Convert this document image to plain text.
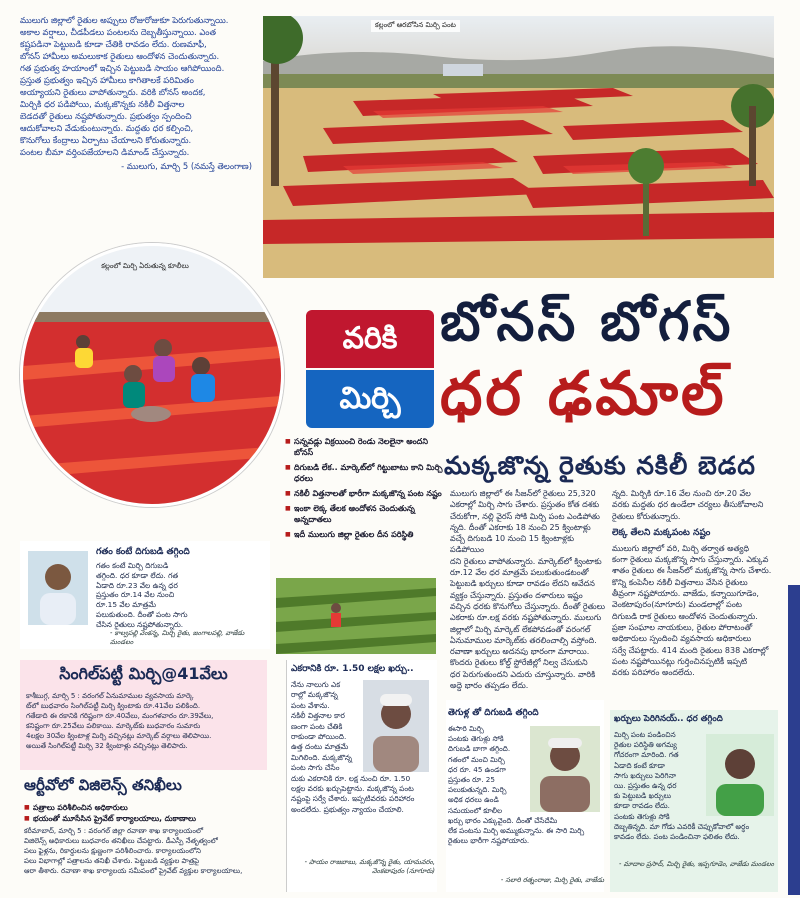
ములుగు జిల్లాలో రైతుల అప్పులు రోజురోజుకూ పెరుగుతున్నాయి.
అకాల వర్షాలు, చీడపీడలు పంటలను దెబ్బతీస్తున్నాయి. ఎంత
కష్టపడినా పెట్టుబడి కూడా చేతికి రావడం లేదు. రుణమాఫీ,
బోనస్ హామీలు అమలుకాక రైతులు ఆందోళన చెందుతున్నారు.
గత ప్రభుత్వ హయాంలో ఇచ్చిన పెట్టుబడి సాయం ఆగిపోయింది.
ప్రస్తుత ప్రభుత్వం ఇచ్చిన హామీలు కాగితాలకే పరిమితం
అయ్యాయని రైతులు వాపోతున్నారు. వరికి బోనస్ అందక,
మిర్చికి ధర పడిపోయి, మక్కజొన్నకు నకిలీ విత్తనాల
బెడదతో రైతులు నష్టపోతున్నారు. ప్రభుత్వం స్పందించి
ఆదుకోవాలని వేడుకుంటున్నారు. మద్దతు ధర కల్పించి,
కొనుగోలు కేంద్రాలు ఏర్పాటు చేయాలని కోరుతున్నారు.
పంటల బీమా వర్తింపజేయాలని డిమాండ్ చేస్తున్నారు.
- ములుగు, మార్చి 5 (నమస్తే తెలంగాణ)
కల్లంలో ఆరబోసిన మిర్చి పంట
కల్లంలో మిర్చి ఏరుతున్న కూలీలు
వరికి
మిర్చి
బోనస్ బోగస్
ధర ఢమాల్
మక్కజొన్న రైతుకు నకిలీ బెడద
■ సన్నవడ్లు విక్రయించి రెండు నెలలైనా అందని బోనస్
■ దిగుబడి లేక.. మార్కెట్‌లో గిట్టుబాటు కాని మిర్చి ధరలు
■ నకిలీ విత్తనాలతో భారీగా మక్కజొన్న పంట నష్టం
■ ఇంకా లెక్క తేలక ఆందోళన చెందుతున్న అన్నదాతలు
■ ఇదీ ములుగు జిల్లా రైతుల దీన పరిస్థితి
ములుగు జిల్లాలో ఈ సీజన్‌లో రైతులు 25,320
ఎకరాల్లో మిర్చి సాగు చేశారు. ప్రస్తుతం కోత దశకు
చేరుకోగా, నల్లి వైరస్ సోకి మిర్చి పంట ఎండిపోతు
న్నది. దీంతో ఎకరాకు 18 నుంచి 25 క్వింటాళ్లు
వచ్చే దిగుబడి 10 నుంచి 15 క్వింటాళ్లకు పడిపోయిం
దని రైతులు వాపోతున్నారు. మార్కెట్‌లో క్వింటాకు
రూ.12 వేల ధర మాత్రమే పలుకుతుండటంతో
పెట్టుబడి ఖర్చులు కూడా రావడం లేదని ఆవేదన
వ్యక్తం చేస్తున్నారు. ప్రస్తుతం దళారులు ఇష్టం
వచ్చిన ధరకు కొనుగోలు చేస్తున్నారు. దీంతో రైతులు
ఎకరాకు రూ.లక్ష వరకు నష్టపోతున్నారు. ములుగు
జిల్లాలో మిర్చి మార్కెట్ లేకపోవడంతో వరంగల్
ఏనుమాముల మార్కెట్‌కు తరలించాల్సి వస్తోంది.
రవాణా ఖర్చులు అదనపు భారంగా మారాయి.
కొందరు రైతులు కోల్డ్ స్టోరేజీల్లో నిల్వ చేసుకుని
ధర పెరుగుతుందని ఎదురు చూస్తున్నారు. వారికి
అద్దె భారం తప్పడం లేదు.
న్నది. మిర్చికి రూ.16 వేల నుంచి రూ.20 వేల
వరకు మద్దతు ధర ఉండేలా చర్యలు తీసుకోవాలని
రైతులు కోరుతున్నారు.
లెక్క తేలని మక్కపంట నష్టం
ములుగు జిల్లాలో వరి, మిర్చి తర్వాత అత్యధి
కంగా రైతులు మక్కజొన్న సాగు చేస్తున్నారు. ఎక్కువ
శాతం రైతులు ఈ సీజన్‌లో మక్కజొన్న సాగు చేశారు.
కొన్ని కంపెనీల నకిలీ విత్తనాలు వేసిన రైతులు
తీవ్రంగా నష్టపోయారు. వాజేడు, కన్నాయిగూడెం,
వెంకటాపురం(నూగూరు) మండలాల్లో పంట
దిగుబడి రాక రైతులు ఆందోళన చెందుతున్నారు.
ప్రజా సంఘాల నాయకులు, రైతుల పోరాటంతో
అధికారులు స్పందించి వ్యవసాయ అధికారులు
సర్వే చేపట్టారు. 414 మంది రైతులు 838 ఎకరాల్లో
పంట నష్టపోయినట్లు గుర్తించినప్పటికీ ఇప్పటి
వరకు పరిహారం అందలేదు.
గతం కంటే దిగుబడి తగ్గింది
గతం కంటే మిర్చి దిగుబడి
తగ్గింది. ధర కూడా లేదు. గత
ఏడాది రూ.23 వేల ఉన్న ధర
ప్రస్తుతం రూ.14 వేల నుంచి
రూ.15 వేల మాత్రమే
పలుకుతుంది. దీంతో పంట సాగు
చేసిన రైతులు నష్టపోతున్నారు.
- కాల్వపల్లి వెంకన్న, మిర్చి రైతు, జంగాలపల్లి, వాజేడు మండలం
సింగిల్‌పట్టీ మిర్చి@41వేలు
కాశీబుగ్గ, మార్చి 5 : వరంగల్ ఏనుమాముల వ్యవసాయ మార్కె
ట్‌లో బుధవారం సింగిల్‌పట్టీ మిర్చి క్వింటాకు రూ.41వేల పలికింది.
గతేడాది ఈ రకానికి గరిష్టంగా రూ.40వేలు, మంగళవారం రూ.39వేలు,
కనిష్టంగా రూ.25వేలు పలికాయి. మార్కెట్‌కు బుధవారం సుమారు
4లక్షల 30వేల క్వింటాళ్ల మిర్చి వచ్చినట్లు మార్కెట్ వర్గాలు తెలిపాయి.
అయితే సింగిల్‌పట్టీ మిర్చి 32 క్వింటాళ్లు వచ్చినట్లు తెలిపారు.
ఆర్టీవోలో విజిలెన్స్ తనిఖీలు
■ పత్రాలు పరిశీలించిన అధికారులు
■ భయంతో మూసేసిన ప్రైవేట్ కార్యాలయాలు, దుకాణాలు
కరీమాబాద్, మార్చి 5 : వరంగల్ జిల్లా రవాణా శాఖ కార్యాలయంలో
విజిలెన్స్ అధికారులు బుధవారం తనిఖీలు చేపట్టారు. డీఎస్పీ నేతృత్వంలో
పలు ఫైళ్లను, రికార్డులను క్షుణ్ణంగా పరిశీలించారు. కార్యాలయంలోని
పలు విభాగాల్లో పత్రాలను తనిఖీ చేశారు. పెట్టుబడి వ్యక్తుల పాత్రపై
ఆరా తీశారు. రవాణా శాఖ కార్యాలయ సమీపంలో ప్రైవేట్ వ్యక్తుల కార్యాలయాలు,
ఎకరానికి రూ. 1.50 లక్షల ఖర్చు..
నేను నాలుగు ఎక
రాల్లో మక్కజొన్న
పంట వేశాను.
నకిలీ విత్తనాల కార
ణంగా పంట చేతికి
రాకుండా పోయింది.
ఉత్త దంటు మాత్రమే
మిగిలింది. మక్కజొన్న
పంట సాగు చేసేం
దుకు ఎకరానికి రూ. లక్ష నుంచి రూ. 1.50
లక్షల వరకు ఖర్చుపెట్టాను. మక్కజొన్న పంట
నష్టంపై సర్వే చేశారు. ఇప్పటివరకు పరిహారం
అందలేదు. ప్రభుత్వం న్యాయం చేయాలి.
- పాయం రాజబాబు, మక్కజొన్న రైతు, యామవరం, వెంకటాపురం (నూగూరు)
తెగుళ్ల తో దిగుబడి తగ్గింది
ఈసారి మిర్చి
పంటకు తెగుళ్లు సోకి
దిగుబడి బాగా తగ్గింది.
గతంలో మంచి మిర్చి
ధర రూ. 45 ఉండగా
ప్రస్తుతం రూ. 25
పలుకుతున్నది. మిర్చి
అధిక ధరలు ఉండి
సమయంలో కూలీల
ఖర్చు భారం ఎక్కువైంది. దీంతో చేసేదేమీ
లేక పంటను మిర్చి అమ్ముకున్నాను. ఈ సారి మిర్చి
రైతులు భారీగా నష్టపోయారు.
- సలారి రత్నంరాజు, మిర్చి రైతు, వాజేడు
ఖర్చులు పెరిగినయ్.. ధర తగ్గింది
మిర్చి పంట పండించిన
రైతుల పరిస్థితి అగమ్య
గోచరంగా మారింది. గత
ఏడాది కంటే కూడా
సాగు ఖర్చులు పెరిగినా
యి. ప్రస్తుతం ఉన్న ధర
కు పెట్టుబడి ఖర్చులు
కూడా రావడం లేదు.
పంటకు తెగుళ్లు సోకి
దెబ్బతిన్నది. మా గోడు ఎవరికీ చెప్పుకోవాలో అర్థం
కావడం లేదు. పంట పండించినా ఫలితం లేదు.
- మాదాల ప్రసాద్, మిర్చి రైతు, ఇప్పగూడెం, వాజేడు మండలం
